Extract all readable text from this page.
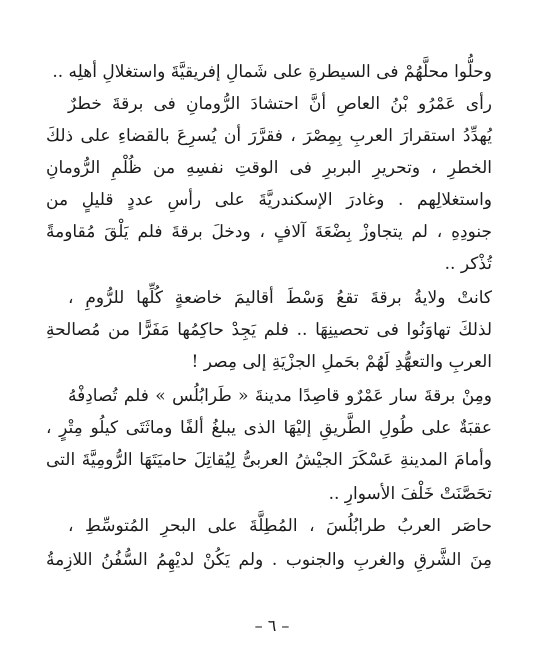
وحلُّوا محلَّهُمْ فى السيطرةِ على شَمالِ إفريقيَّةَ واستغلالِ أهلِه ..
رأى عَمْرُو بْنُ العاصِ أنَّ احتشادَ الرُّومانِ فى برقةَ خطرٌ
يُهدِّدُ استقرارَ العربِ بِمِصْرَ ، فقرَّرَ أن يُسرِعَ بالقضاءِ على ذلكَ
الخطرِ ، وتحريرِ البربرِ فى الوقتِ نفسِهِ من ظُلْمِ الرُّومانِ
واستغلالِهم . وغادرَ الإسكندريَّةَ على رأسِ عددٍ قليلٍ من
جنودِهِ ، لم يتجاوزْ بِضْعَةَ آلافٍ ، ودخلَ برقةَ فلم يَلْقَ مُقاومةً
تُذْكر ..
كانتْ ولايةُ برقةَ تقعُ وَسْطَ أقاليمَ خاضعةٍ كُلِّها للرُّومِ ،
لذلكَ تهاوَنُوا فى تحصينِهَا .. فلم يَجِدْ حاكِمُها مَفَرًّا من مُصالحةِ
العربِ والتعهُّدِ لَهُمْ بحَملِ الجزْيَةِ إلى مِصر !
ومِنْ برقةَ سار عَمْرٌو قاصِدًا مدينةَ « طَرابُلُس » فلم تُصادِفْهُ
عقبَةٌ على طُولِ الطَّريقِ إليْهَا الذى يبلغُ ألفًا وماثَتَى كيلُو مِتْرٍ ،
وأمامَ المدينةِ عَسْكَرَ الجيْشُ العربىُّ لِيُقاتِلَ حاميَتَهَا الرُّومِيَّةَ التى
تحَصَّنَتْ خَلْفَ الأسوارِ ..
حاصَر العربُ طرابُلُسَ ، المُطِلَّةَ على البحرِ المُتوسِّطِ ،
مِنَ الشَّرقِ والغربِ والجنوب . ولم يَكُنْ لديْهِمُ السُّفُنُ اللازِمةُ
– ٦ –
